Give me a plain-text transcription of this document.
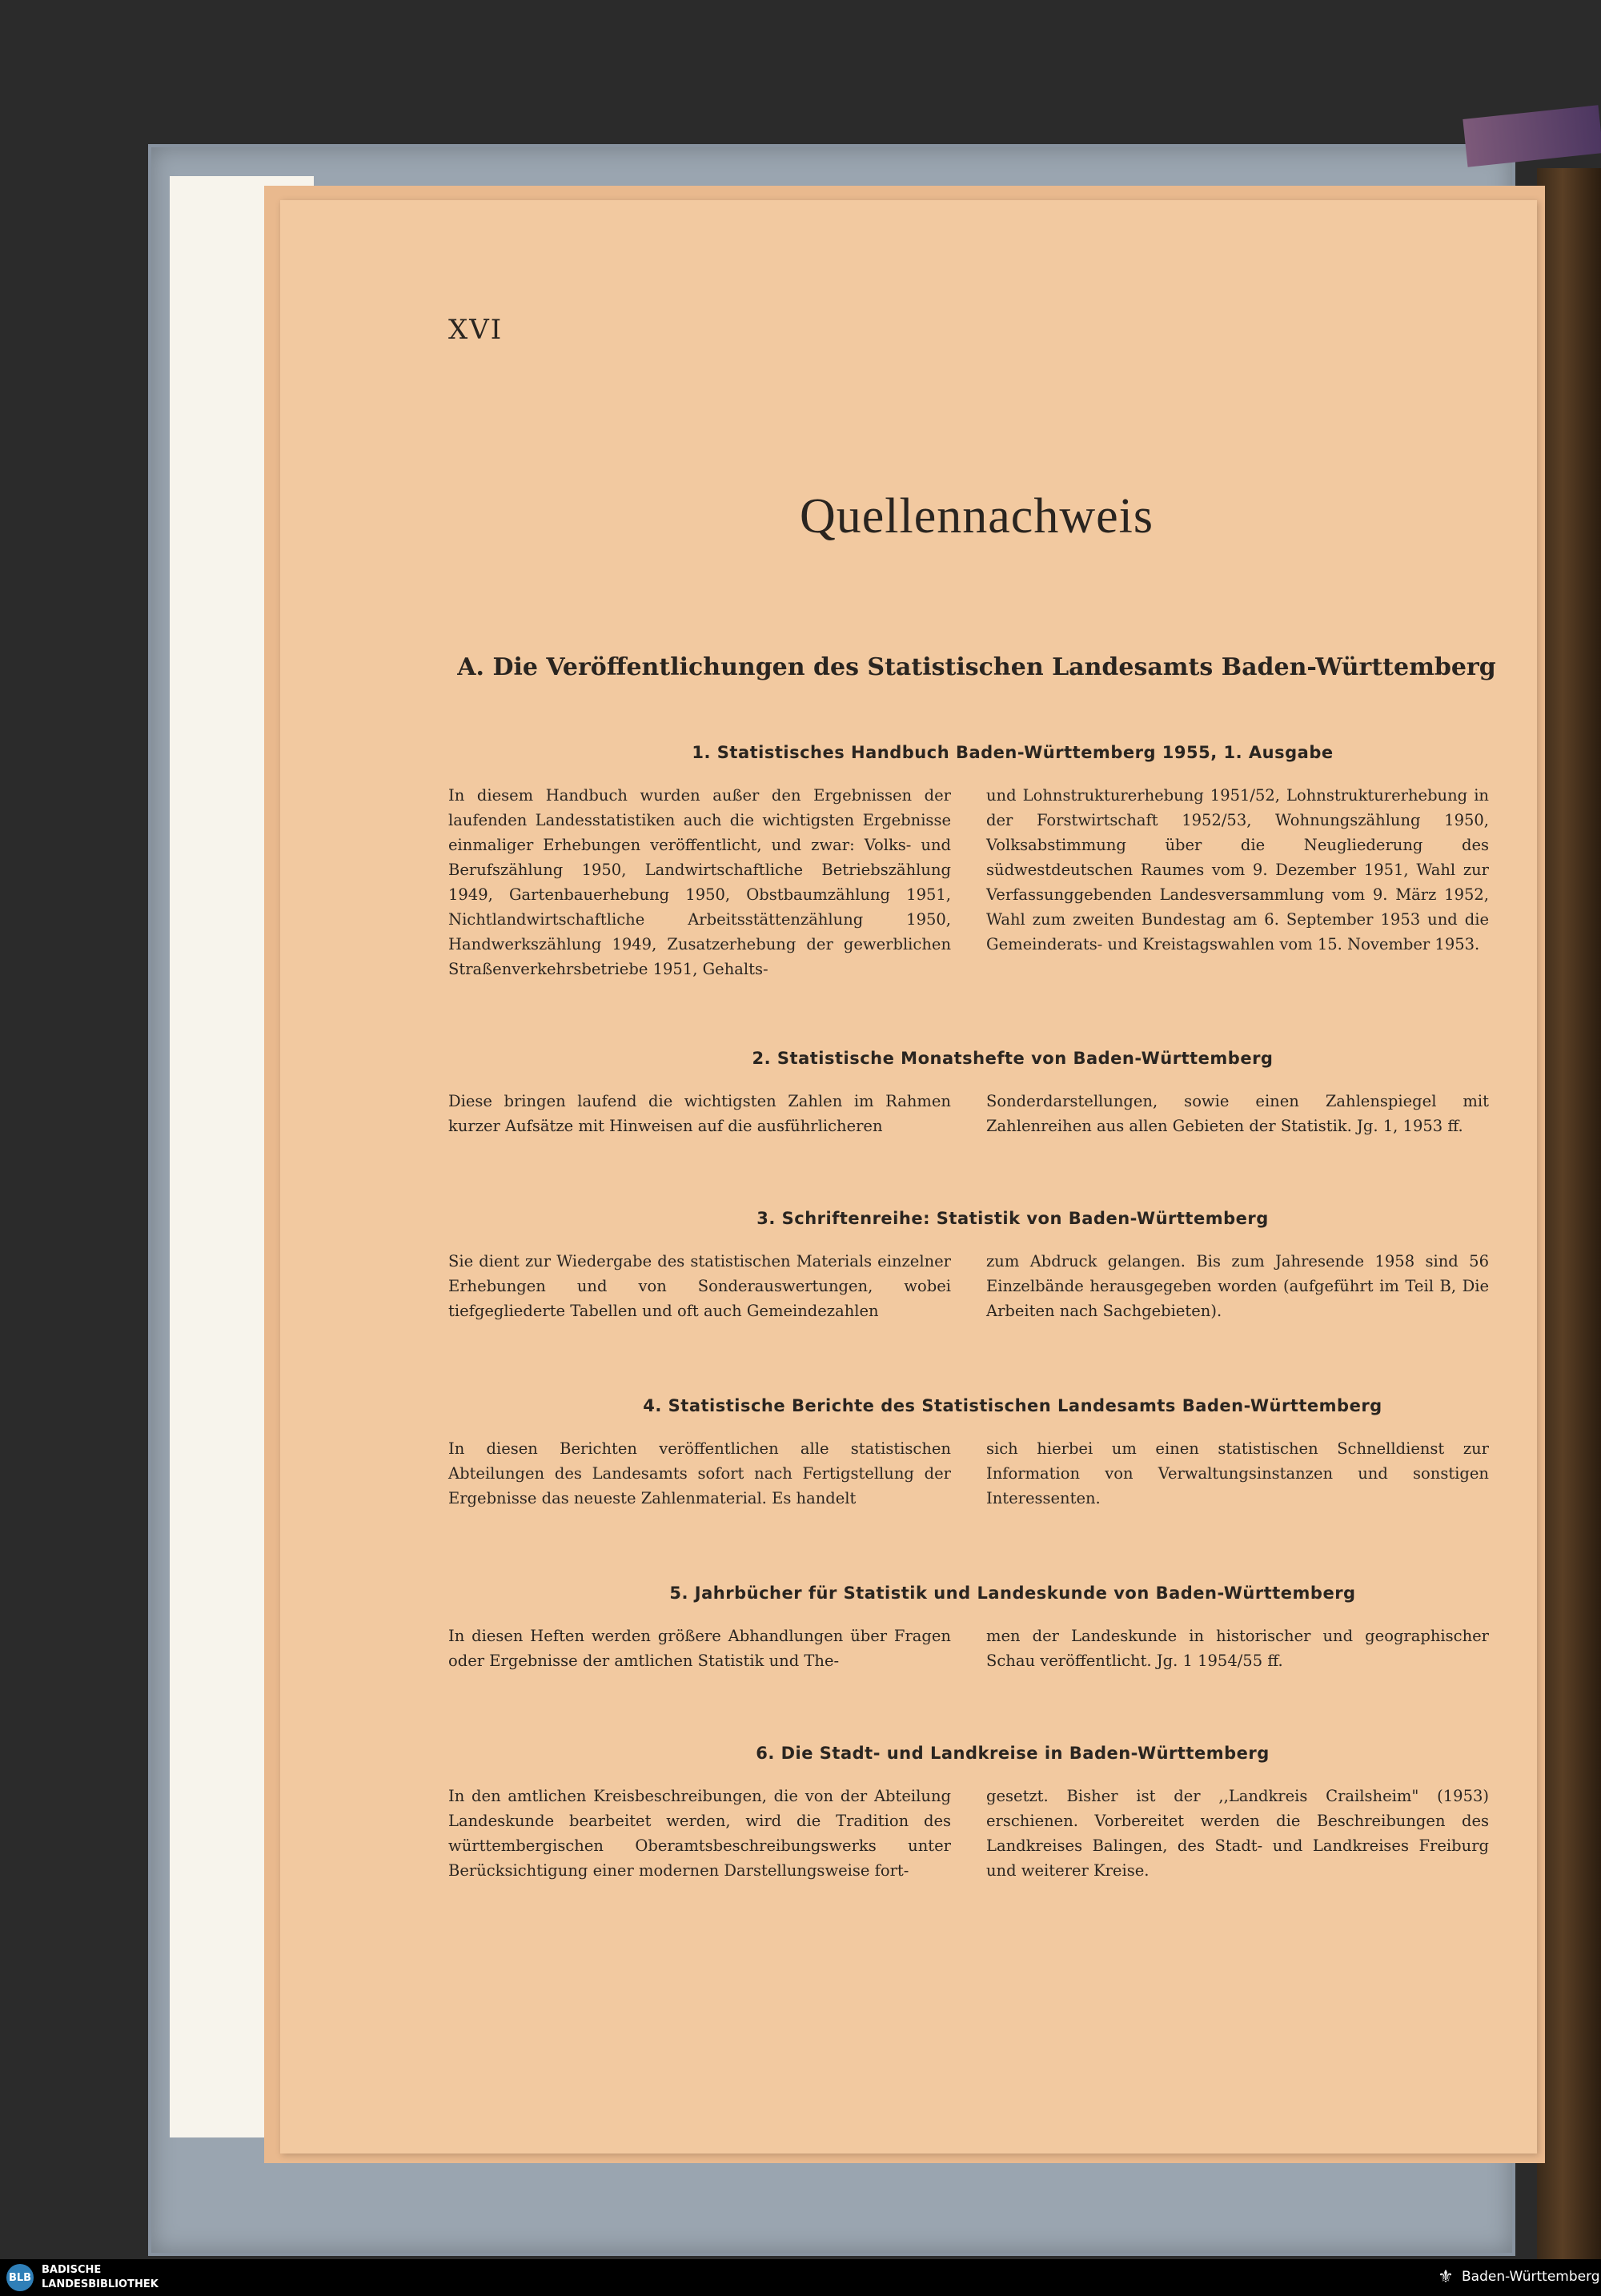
XVI
Quellennachweis
A. Die Veröffentlichungen des Statistischen Landesamts Baden-Württemberg
1. Statistisches Handbuch Baden-Württemberg 1955, 1. Ausgabe
In diesem Handbuch wurden außer den Ergebnissen der laufenden Landesstatistiken auch die wichtigsten Ergebnisse einmaliger Erhebungen veröffentlicht, und zwar: Volks- und Berufszählung 1950, Landwirtschaftliche Betriebszählung 1949, Gartenbauerhebung 1950, Obstbaumzählung 1951, Nichtlandwirtschaftliche Arbeitsstättenzählung 1950, Handwerkszählung 1949, Zusatzerhebung der gewerblichen Straßenverkehrsbetriebe 1951, Gehalts-
und Lohnstrukturerhebung 1951/52, Lohnstrukturerhebung in der Forstwirtschaft 1952/53, Wohnungszählung 1950, Volksabstimmung über die Neugliederung des südwestdeutschen Raumes vom 9. Dezember 1951, Wahl zur Verfassunggebenden Landesversammlung vom 9. März 1952, Wahl zum zweiten Bundestag am 6. September 1953 und die Gemeinderats- und Kreistagswahlen vom 15. November 1953.
2. Statistische Monatshefte von Baden-Württemberg
Diese bringen laufend die wichtigsten Zahlen im Rahmen kurzer Aufsätze mit Hinweisen auf die ausführlicheren
Sonderdarstellungen, sowie einen Zahlenspiegel mit Zahlenreihen aus allen Gebieten der Statistik. Jg. 1, 1953 ff.
3. Schriftenreihe: Statistik von Baden-Württemberg
Sie dient zur Wiedergabe des statistischen Materials einzelner Erhebungen und von Sonderauswertungen, wobei tiefgegliederte Tabellen und oft auch Gemeindezahlen
zum Abdruck gelangen. Bis zum Jahresende 1958 sind 56 Einzelbände herausgegeben worden (aufgeführt im Teil B, Die Arbeiten nach Sachgebieten).
4. Statistische Berichte des Statistischen Landesamts Baden-Württemberg
In diesen Berichten veröffentlichen alle statistischen Abteilungen des Landesamts sofort nach Fertigstellung der Ergebnisse das neueste Zahlenmaterial. Es handelt
sich hierbei um einen statistischen Schnelldienst zur Information von Verwaltungsinstanzen und sonstigen Interessenten.
5. Jahrbücher für Statistik und Landeskunde von Baden-Württemberg
In diesen Heften werden größere Abhandlungen über Fragen oder Ergebnisse der amtlichen Statistik und The-
men der Landeskunde in historischer und geographischer Schau veröffentlicht. Jg. 1 1954/55 ff.
6. Die Stadt- und Landkreise in Baden-Württemberg
In den amtlichen Kreisbeschreibungen, die von der Abteilung Landeskunde bearbeitet werden, wird die Tradition des württembergischen Oberamtsbeschreibungswerks unter Berücksichtigung einer modernen Darstellungsweise fort-
gesetzt. Bisher ist der ,,Landkreis Crailsheim" (1953) erschienen. Vorbereitet werden die Beschreibungen des Landkreises Balingen, des Stadt- und Landkreises Freiburg und weiterer Kreise.
BLB
BADISCHE
LANDESBIBLIOTHEK	⚜ Baden-Württemberg
